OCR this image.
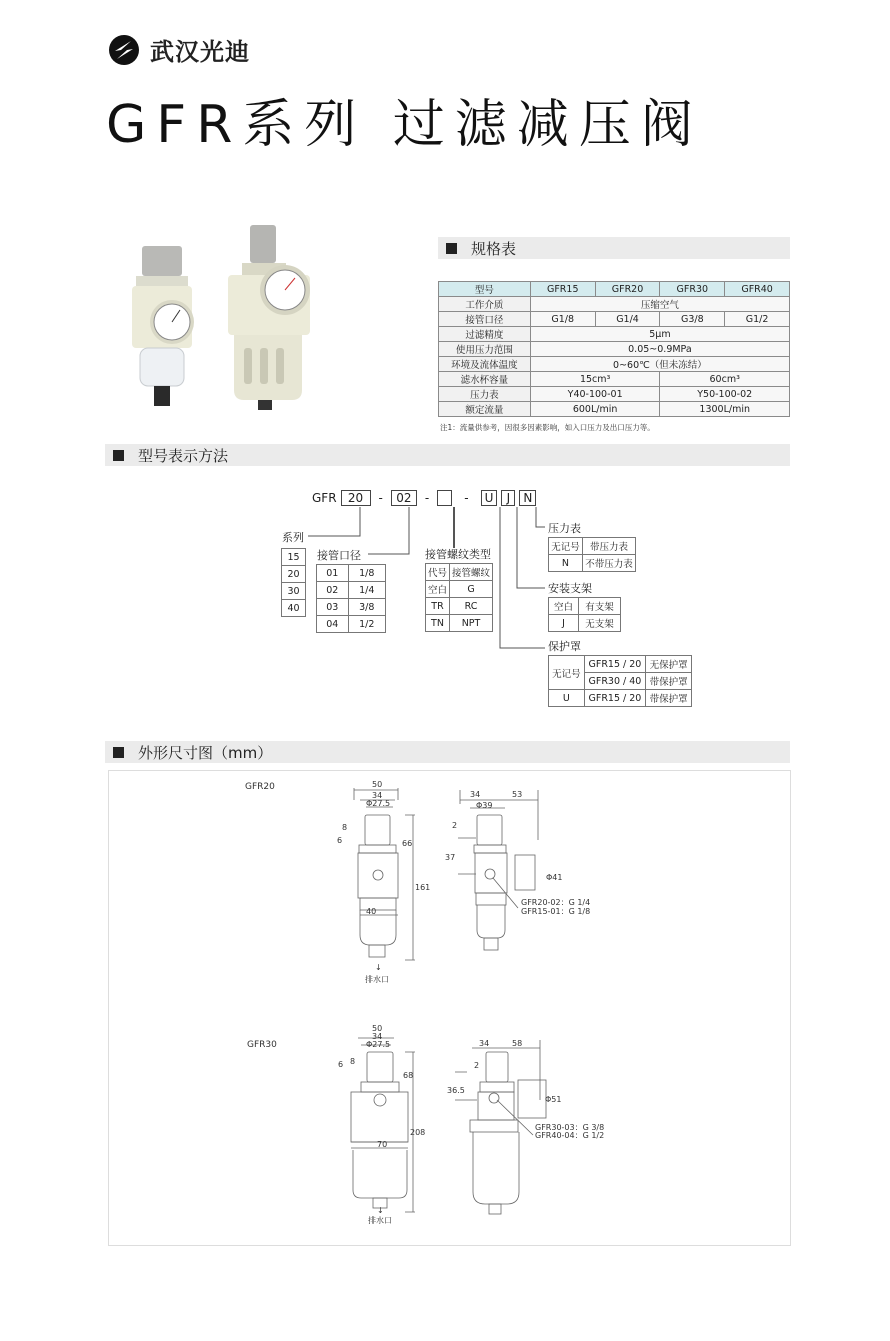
武汉光迪
GFR系列 过滤减压阀
规格表
型号	GFR15	GFR20	GFR30	GFR40
工作介质	压缩空气			
接管口径	G1/8	G1/4	G3/8	G1/2
过滤精度	5μm			
使用压力范围	0.05~0.9MPa			
环境及流体温度	0~60℃（但未冻结）			
滤水杯容量	15cm³		60cm³	
压力表	Y40-100-01		Y50-100-02	
额定流量	600L/min		1300L/min	
注1：流量供参考，因很多因素影响，如入口压力及出口压力等。
型号表示方法
GFR 20	-	02	-	-	U	J	N
系列
15
20
30
40
接管口径
01	1/8
02	1/4
03	3/8
04	1/2
接管螺纹类型
代号	接管螺纹
空白	G
TR	RC
TN	NPT
压力表
无记号	带压力表
N	不带压力表
安装支架
空白	有支架
J	无支架
保护罩
无记号	GFR15 / 20	无保护罩
	GFR30 / 40	带保护罩
U	GFR15 / 20	带保护罩
外形尺寸图（mm）
50
34
Φ27.5
8
6	66
161
40
排水口
↓
34	53
Φ39
2
37
Φ41
GFR20-02：G 1/4
GFR15-01：G 1/8
GFR20
50
34
Φ27.5
6 8
68
208
70
排水口
↓
34	58
2
36.5
Φ51
GFR30-03：G 3/8
GFR40-04：G 1/2
GFR30
